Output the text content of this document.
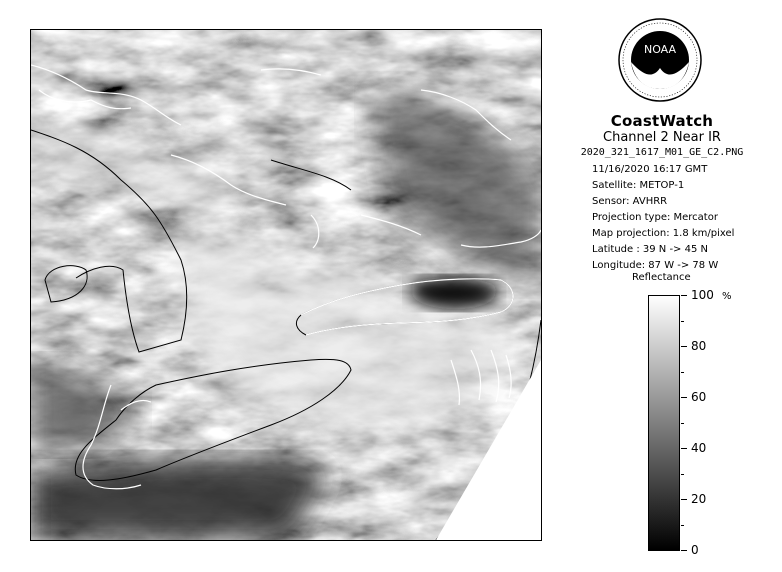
NOAA
CoastWatch
Channel 2 Near IR
2020_321_1617_M01_GE_C2.PNG
11/16/2020 16:17 GMT
Satellite: METOP-1
Sensor: AVHRR
Projection type: Mercator
Map projection: 1.8 km/pixel
Latitude : 39 N -> 45 N
Longitude: 87 W -> 78 W
Reflectance
%
100
80
60
40
20
0
